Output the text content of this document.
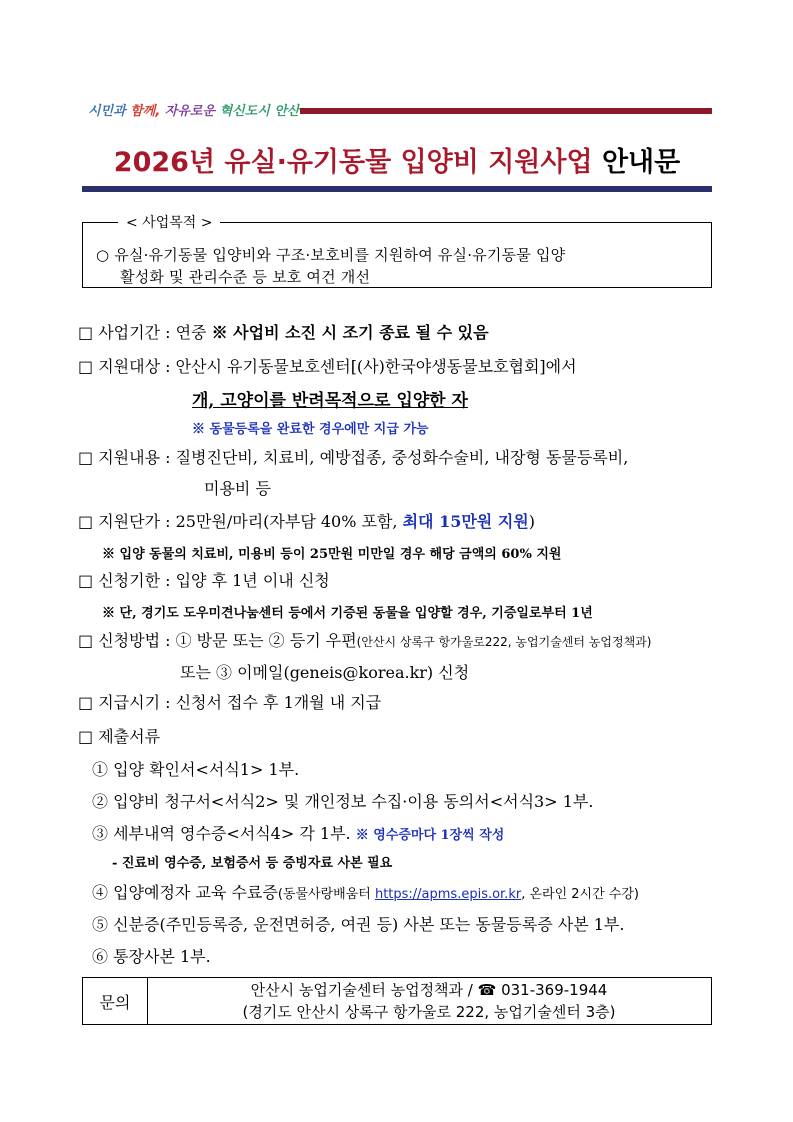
시민과 함께, 자유로운 혁신도시 안산
2026년 유실·유기동물 입양비 지원사업 안내문
< 사업목적 >
○ 유실·유기동물 입양비와 구조·보호비를 지원하여 유실·유기동물 입양
활성화 및 관리수준 등 보호 여건 개선
□ 사업기간 : 연중 ※ 사업비 소진 시 조기 종료 될 수 있음
□ 지원대상 : 안산시 유기동물보호센터[(사)한국야생동물보호협회]에서
개, 고양이를 반려목적으로 입양한 자
※ 동물등록을 완료한 경우에만 지급 가능
□ 지원내용 : 질병진단비, 치료비, 예방접종, 중성화수술비, 내장형 동물등록비,
미용비 등
□ 지원단가 : 25만원/마리(자부담 40% 포함, 최대 15만원 지원)
※ 입양 동물의 치료비, 미용비 등이 25만원 미만일 경우 해당 금액의 60% 지원
□ 신청기한 : 입양 후 1년 이내 신청
※ 단, 경기도 도우미견나눔센터 등에서 기증된 동물을 입양할 경우, 기증일로부터 1년
□ 신청방법 : ① 방문 또는 ② 등기 우편(안산시 상록구 항가울로222, 농업기술센터 농업정책과)
또는 ③ 이메일(geneis@korea.kr) 신청
□ 지급시기 : 신청서 접수 후 1개월 내 지급
□ 제출서류
① 입양 확인서<서식1> 1부.
② 입양비 청구서<서식2> 및 개인정보 수집·이용 동의서<서식3> 1부.
③ 세부내역 영수증<서식4> 각 1부. ※ 영수증마다 1장씩 작성
- 진료비 영수증, 보험증서 등 증빙자료 사본 필요
④ 입양예정자 교육 수료증(동물사랑배움터 https://apms.epis.or.kr, 온라인 2시간 수강)
⑤ 신분증(주민등록증, 운전면허증, 여권 등) 사본 또는 동물등록증 사본 1부.
⑥ 통장사본 1부.
문의
안산시 농업기술센터 농업정책과 / ☎ 031-369-1944
(경기도 안산시 상록구 항가울로 222, 농업기술센터 3층)
